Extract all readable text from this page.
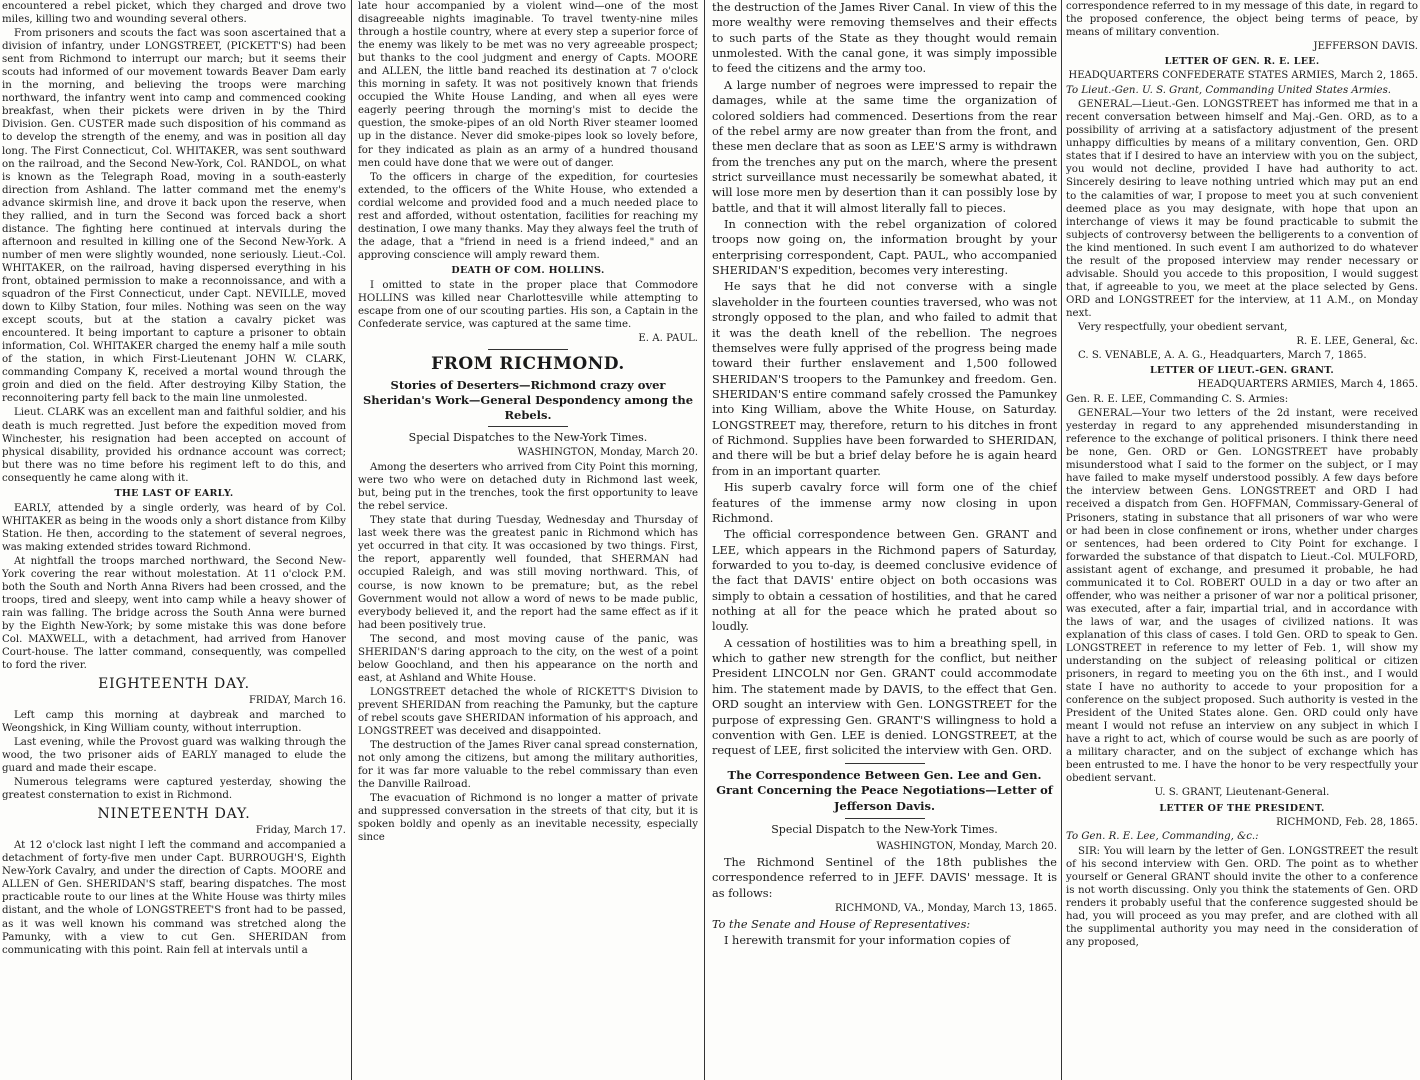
encountered a rebel picket, which they charged and drove two miles, killing two and wounding several others.

From prisoners and scouts the fact was soon ascertained that a division of infantry, under LONGSTREET, (PICKETT'S) had been sent from Richmond to interrupt our march; but it seems their scouts had informed of our movement towards Beaver Dam early in the morning, and believing the troops were marching northward, the infantry went into camp and commenced cooking breakfast, when their pickets were driven in by the Third Division. Gen. CUSTER made such disposition of his command as to develop the strength of the enemy, and was in position all day long. The First Connecticut, Col. WHITAKER, was sent southward on the railroad, and the Second New-York, Col. RANDOL, on what is known as the Telegraph Road, moving in a south-easterly direction from Ashland. The latter command met the enemy's advance skirmish line, and drove it back upon the reserve, when they rallied, and in turn the Second was forced back a short distance. The fighting here continued at intervals during the afternoon and resulted in killing one of the Second New-York. A number of men were slightly wounded, none seriously. Lieut.-Col. WHITAKER, on the railroad, having dispersed everything in his front, obtained permission to make a reconnoissance, and with a squadron of the First Connecticut, under Capt. NEVILLE, moved down to Kilby Station, four miles. Nothing was seen on the way except scouts, but at the station a cavalry picket was encountered. It being important to capture a prisoner to obtain information, Col. WHITAKER charged the enemy half a mile south of the station, in which First-Lieutenant JOHN W. CLARK, commanding Company K, received a mortal wound through the groin and died on the field. After destroying Kilby Station, the reconnoitering party fell back to the main line unmolested.

Lieut. CLARK was an excellent man and faithful soldier, and his death is much regretted. Just before the expedition moved from Winchester, his resignation had been accepted on account of physical disability, provided his ordnance account was correct; but there was no time before his regiment left to do this, and consequently he came along with it.

THE LAST OF EARLY.

EARLY, attended by a single orderly, was heard of by Col. WHITAKER as being in the woods only a short distance from Kilby Station. He then, according to the statement of several negroes, was making extended strides toward Richmond.

At nightfall the troops marched northward, the Second New-York covering the rear without molestation. At 11 o'clock P.M. both the South and North Anna Rivers had been crossed, and the troops, tired and sleepy, went into camp while a heavy shower of rain was falling. The bridge across the South Anna were burned by the Eighth New-York; by some mistake this was done before Col. MAXWELL, with a detachment, had arrived from Hanover Court-house. The latter command, consequently, was compelled to ford the river.

EIGHTEENTH DAY.
FRIDAY, March 16.

Left camp this morning at daybreak and marched to Weongshick, in King William county, without interruption.

Last evening, while the Provost guard was walking through the wood, the two prisoner aids of EARLY managed to elude the guard and made their escape.

Numerous telegrams were captured yesterday, showing the greatest consternation to exist in Richmond.

NINETEENTH DAY.
Friday, March 17.

At 12 o'clock last night I left the command and accompanied a detachment of forty-five men under Capt. BURROUGH'S, Eighth New-York Cavalry, and under the direction of Capts. MOORE and ALLEN of Gen. SHERIDAN'S staff, bearing dispatches. The most practicable route to our lines at the White House was thirty miles distant, and the whole of LONGSTREET'S front had to be passed, as it was well known his command was stretched along the Pamunky, with a view to cut Gen. SHERIDAN from communicating with this point. Rain fell at intervals until a

late hour accompanied by a violent wind—one of the most disagreeable nights imaginable. To travel twenty-nine miles through a hostile country, where at every step a superior force of the enemy was likely to be met was no very agreeable prospect; but thanks to the cool judgment and energy of Capts. MOORE and ALLEN, the little band reached its destination at 7 o'clock this morning in safety. It was not positively known that friends occupied the White House Landing, and when all eyes were eagerly peering through the morning's mist to decide the question, the smoke-pipes of an old North River steamer loomed up in the distance. Never did smoke-pipes look so lovely before, for they indicated as plain as an army of a hundred thousand men could have done that we were out of danger.

To the officers in charge of the expedition, for courtesies extended, to the officers of the White House, who extended a cordial welcome and provided food and a much needed place to rest and afforded, without ostentation, facilities for reaching my destination, I owe many thanks. May they always feel the truth of the adage, that a "friend in need is a friend indeed," and an approving conscience will amply reward them.

DEATH OF COM. HOLLINS.

I omitted to state in the proper place that Commodore HOLLINS was killed near Charlottesville while attempting to escape from one of our scouting parties. His son, a Captain in the Confederate service, was captured at the same time.

E. A. PAUL.
FROM RICHMOND.
Stories of Deserters—Richmond crazy over Sheridan's Work—General Despondency among the Rebels.
Special Dispatches to the New-York Times.
WASHINGTON, Monday, March 20.

Among the deserters who arrived from City Point this morning, were two who were on detached duty in Richmond last week, but, being put in the trenches, took the first opportunity to leave the rebel service.

They state that during Tuesday, Wednesday and Thursday of last week there was the greatest panic in Richmond which has yet occurred in that city. It was occasioned by two things. First, the report, apparently well founded, that SHERMAN had occupied Raleigh, and was still moving northward. This, of course, is now known to be premature; but, as the rebel Government would not allow a word of news to be made public, everybody believed it, and the report had the same effect as if it had been positively true.

The second, and most moving cause of the panic, was SHERIDAN'S daring approach to the city, on the west of a point below Goochland, and then his appearance on the north and east, at Ashland and White House.

LONGSTREET detached the whole of RICKETT'S Division to prevent SHERIDAN from reaching the Pamunky, but the capture of rebel scouts gave SHERIDAN information of his approach, and LONGSTREET was deceived and disappointed.

The destruction of the James River canal spread consternation, not only among the citizens, but among the military authorities, for it was far more valuable to the rebel commissary than even the Danville Railroad.

The evacuation of Richmond is no longer a matter of private and suppressed conversation in the streets of that city, but it is spoken boldly and openly as an inevitable necessity, especially since

the destruction of the James River Canal. In view of this the more wealthy were removing themselves and their effects to such parts of the State as they thought would remain unmolested. With the canal gone, it was simply impossible to feed the citizens and the army too.

A large number of negroes were impressed to repair the damages, while at the same time the organization of colored soldiers had commenced. Desertions from the rear of the rebel army are now greater than from the front, and these men declare that as soon as LEE'S army is withdrawn from the trenches any put on the march, where the present strict surveillance must necessarily be somewhat abated, it will lose more men by desertion than it can possibly lose by battle, and that it will almost literally fall to pieces.

In connection with the rebel organization of colored troops now going on, the information brought by your enterprising correspondent, Capt. PAUL, who accompanied SHERIDAN'S expedition, becomes very interesting.

He says that he did not converse with a single slaveholder in the fourteen counties traversed, who was not strongly opposed to the plan, and who failed to admit that it was the death knell of the rebellion. The negroes themselves were fully apprised of the progress being made toward their further enslavement and 1,500 followed SHERIDAN'S troopers to the Pamunkey and freedom. Gen. SHERIDAN'S entire command safely crossed the Pamunkey into King William, above the White House, on Saturday. LONGSTREET may, therefore, return to his ditches in front of Richmond. Supplies have been forwarded to SHERIDAN, and there will be but a brief delay before he is again heard from in an important quarter.

His superb cavalry force will form one of the chief features of the immense army now closing in upon Richmond.

The official correspondence between Gen. GRANT and LEE, which appears in the Richmond papers of Saturday, forwarded to you to-day, is deemed conclusive evidence of the fact that DAVIS' entire object on both occasions was simply to obtain a cessation of hostilities, and that he cared nothing at all for the peace which he prated about so loudly.

A cessation of hostilities was to him a breathing spell, in which to gather new strength for the conflict, but neither President LINCOLN nor Gen. GRANT could accommodate him. The statement made by DAVIS, to the effect that Gen. ORD sought an interview with Gen. LONGSTREET for the purpose of expressing Gen. GRANT'S willingness to hold a convention with Gen. LEE is denied. LONGSTREET, at the request of LEE, first solicited the interview with Gen. ORD.

The Correspondence Between Gen. Lee and Gen. Grant Concerning the Peace Negotiations—Letter of Jefferson Davis.
Special Dispatch to the New-York Times.
WASHINGTON, Monday, March 20.

The Richmond Sentinel of the 18th publishes the correspondence referred to in JEFF. DAVIS' message. It is as follows:

RICHMOND, VA., Monday, March 13, 1865.
To the Senate and House of Representatives:

I herewith transmit for your information copies of

correspondence referred to in my message of this date, in regard to the proposed conference, the object being terms of peace, by means of military convention.

JEFFERSON DAVIS.
LETTER OF GEN. R. E. LEE.
HEADQUARTERS CONFEDERATE STATES ARMIES, March 2, 1865.
To Lieut.-Gen. U. S. Grant, Commanding United States Armies.

GENERAL—Lieut.-Gen. LONGSTREET has informed me that in a recent conversation between himself and Maj.-Gen. ORD, as to a possibility of arriving at a satisfactory adjustment of the present unhappy difficulties by means of a military convention, Gen. ORD states that if I desired to have an interview with you on the subject, you would not decline, provided I have had authority to act. Sincerely desiring to leave nothing untried which may put an end to the calamities of war, I propose to meet you at such convenient deemed place as you may designate, with hope that upon an interchange of views it may be found practicable to submit the subjects of controversy between the belligerents to a convention of the kind mentioned. In such event I am authorized to do whatever the result of the proposed interview may render necessary or advisable. Should you accede to this proposition, I would suggest that, if agreeable to you, we meet at the place selected by Gens. ORD and LONGSTREET for the interview, at 11 A.M., on Monday next.

Very respectfully, your obedient servant,

R. E. LEE, General, &c.

C. S. VENABLE, A. A. G., Headquarters, March 7, 1865.

LETTER OF LIEUT.-GEN. GRANT.
HEADQUARTERS ARMIES, March 4, 1865.
Gen. R. E. LEE, Commanding C. S. Armies:

GENERAL—Your two letters of the 2d instant, were received yesterday in regard to any apprehended misunderstanding in reference to the exchange of political prisoners. I think there need be none, Gen. ORD or Gen. LONGSTREET have probably misunderstood what I said to the former on the subject, or I may have failed to make myself understood possibly. A few days before the interview between Gens. LONGSTREET and ORD I had received a dispatch from Gen. HOFFMAN, Commissary-General of Prisoners, stating in substance that all prisoners of war who were or had been in close confinement or irons, whether under charges or sentences, had been ordered to City Point for exchange. I forwarded the substance of that dispatch to Lieut.-Col. MULFORD, assistant agent of exchange, and presumed it probable, he had communicated it to Col. ROBERT OULD in a day or two after an offender, who was neither a prisoner of war nor a political prisoner, was executed, after a fair, impartial trial, and in accordance with the laws of war, and the usages of civilized nations. It was explanation of this class of cases. I told Gen. ORD to speak to Gen. LONGSTREET in reference to my letter of Feb. 1, will show my understanding on the subject of releasing political or citizen prisoners, in regard to meeting you on the 6th inst., and I would state I have no authority to accede to your proposition for a conference on the subject proposed. Such authority is vested in the President of the United States alone. Gen. ORD could only have meant I would not refuse an interview on any subject in which I have a right to act, which of course would be such as are poorly of a military character, and on the subject of exchange which has been entrusted to me. I have the honor to be very respectfully your obedient servant.

U. S. GRANT, Lieutenant-General.
LETTER OF THE PRESIDENT.
RICHMOND, Feb. 28, 1865.
To Gen. R. E. Lee, Commanding, &c.:

SIR: You will learn by the letter of Gen. LONGSTREET the result of his second interview with Gen. ORD. The point as to whether yourself or General GRANT should invite the other to a conference is not worth discussing. Only you think the statements of Gen. ORD renders it probably useful that the conference suggested should be had, you will proceed as you may prefer, and are clothed with all the supplimental authority you may need in the consideration of any proposed,
